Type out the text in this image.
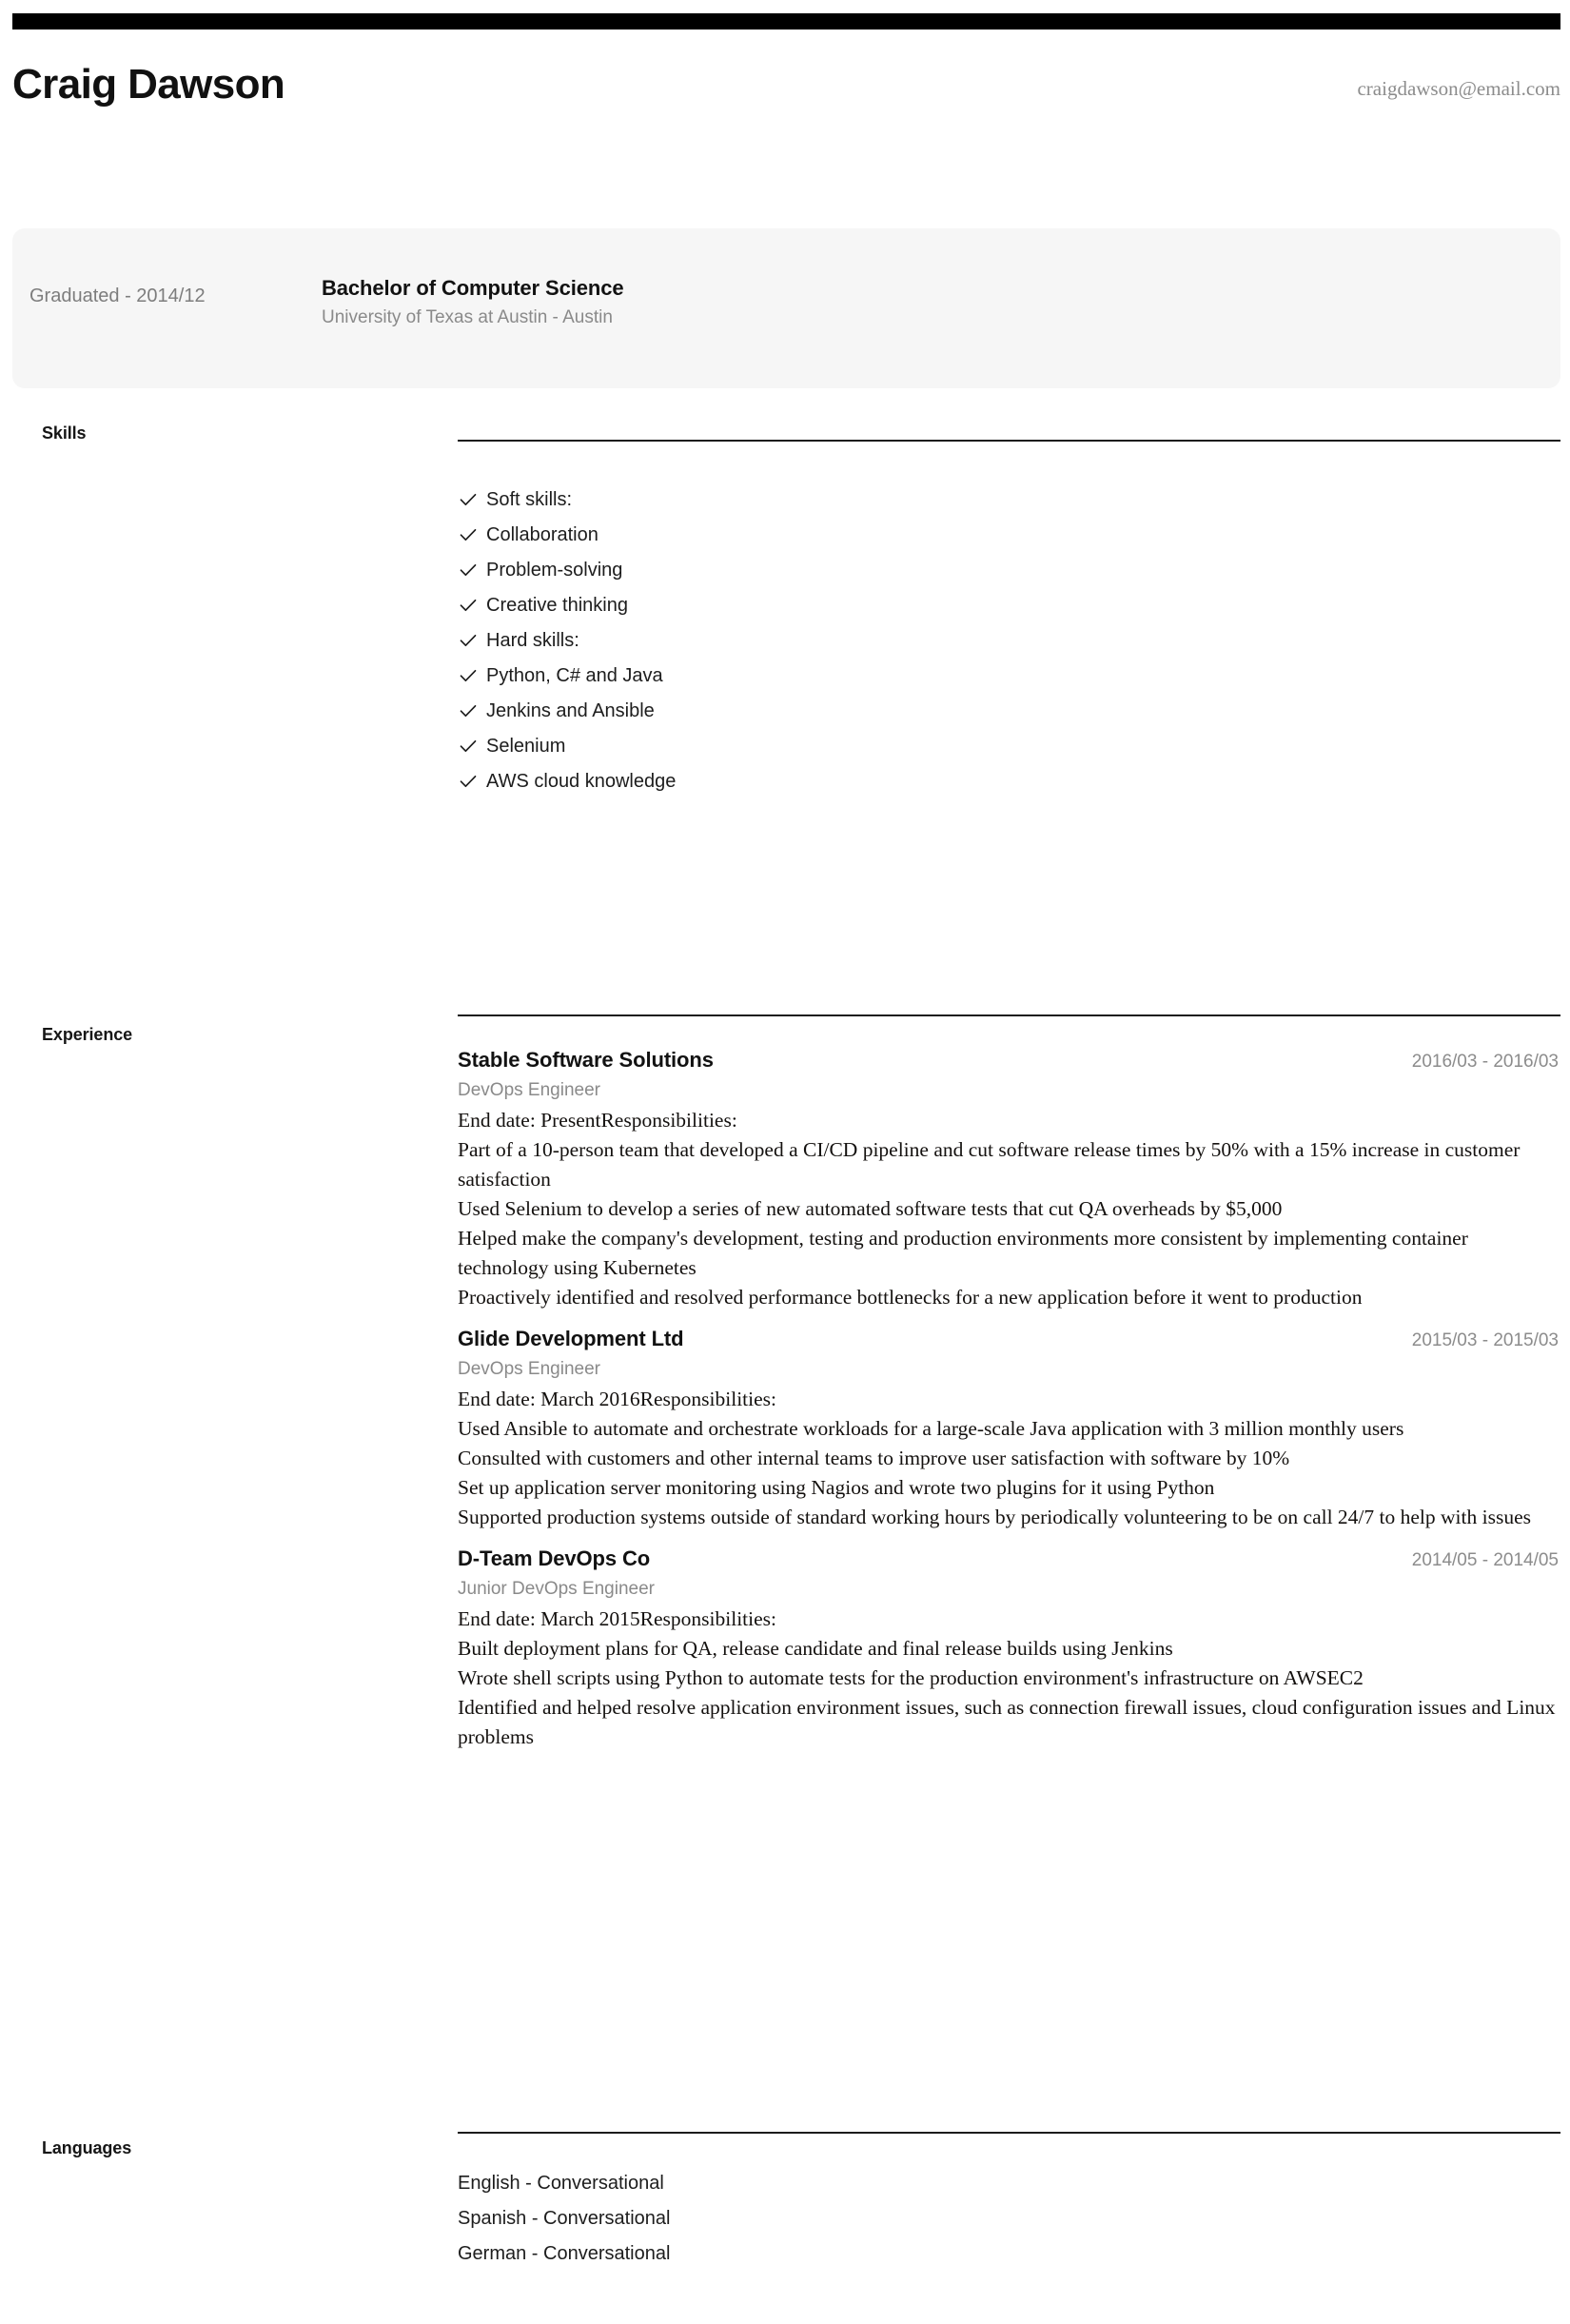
Craig Dawson	craigdawson@email.com
Graduated - 2014/12	Bachelor of Computer Science
University of Texas at Austin - Austin
Skills
Soft skills:
Collaboration
Problem-solving
Creative thinking
Hard skills:
Python, C# and Java
Jenkins and Ansible
Selenium
AWS cloud knowledge
Experience
Stable Software Solutions	2016/03 - 2016/03
DevOps Engineer

End date: PresentResponsibilities:

Part of a 10-person team that developed a CI/CD pipeline and cut software release times by 50% with a 15% increase in customer satisfaction

Used Selenium to develop a series of new automated software tests that cut QA overheads by $5,000

Helped make the company's development, testing and production environments more consistent by implementing container technology using Kubernetes

Proactively identified and resolved performance bottlenecks for a new application before it went to production

Glide Development Ltd	2015/03 - 2015/03
DevOps Engineer

End date: March 2016Responsibilities:

Used Ansible to automate and orchestrate workloads for a large-scale Java application with 3 million monthly users

Consulted with customers and other internal teams to improve user satisfaction with software by 10%

Set up application server monitoring using Nagios and wrote two plugins for it using Python

Supported production systems outside of standard working hours by periodically volunteering to be on call 24/7 to help with issues

D-Team DevOps Co	2014/05 - 2014/05
Junior DevOps Engineer

End date: March 2015Responsibilities:

Built deployment plans for QA, release candidate and final release builds using Jenkins

Wrote shell scripts using Python to automate tests for the production environment's infrastructure on AWSEC2

Identified and helped resolve application environment issues, such as connection firewall issues, cloud configuration issues and Linux problems

Languages
English - Conversational
Spanish - Conversational
German - Conversational
